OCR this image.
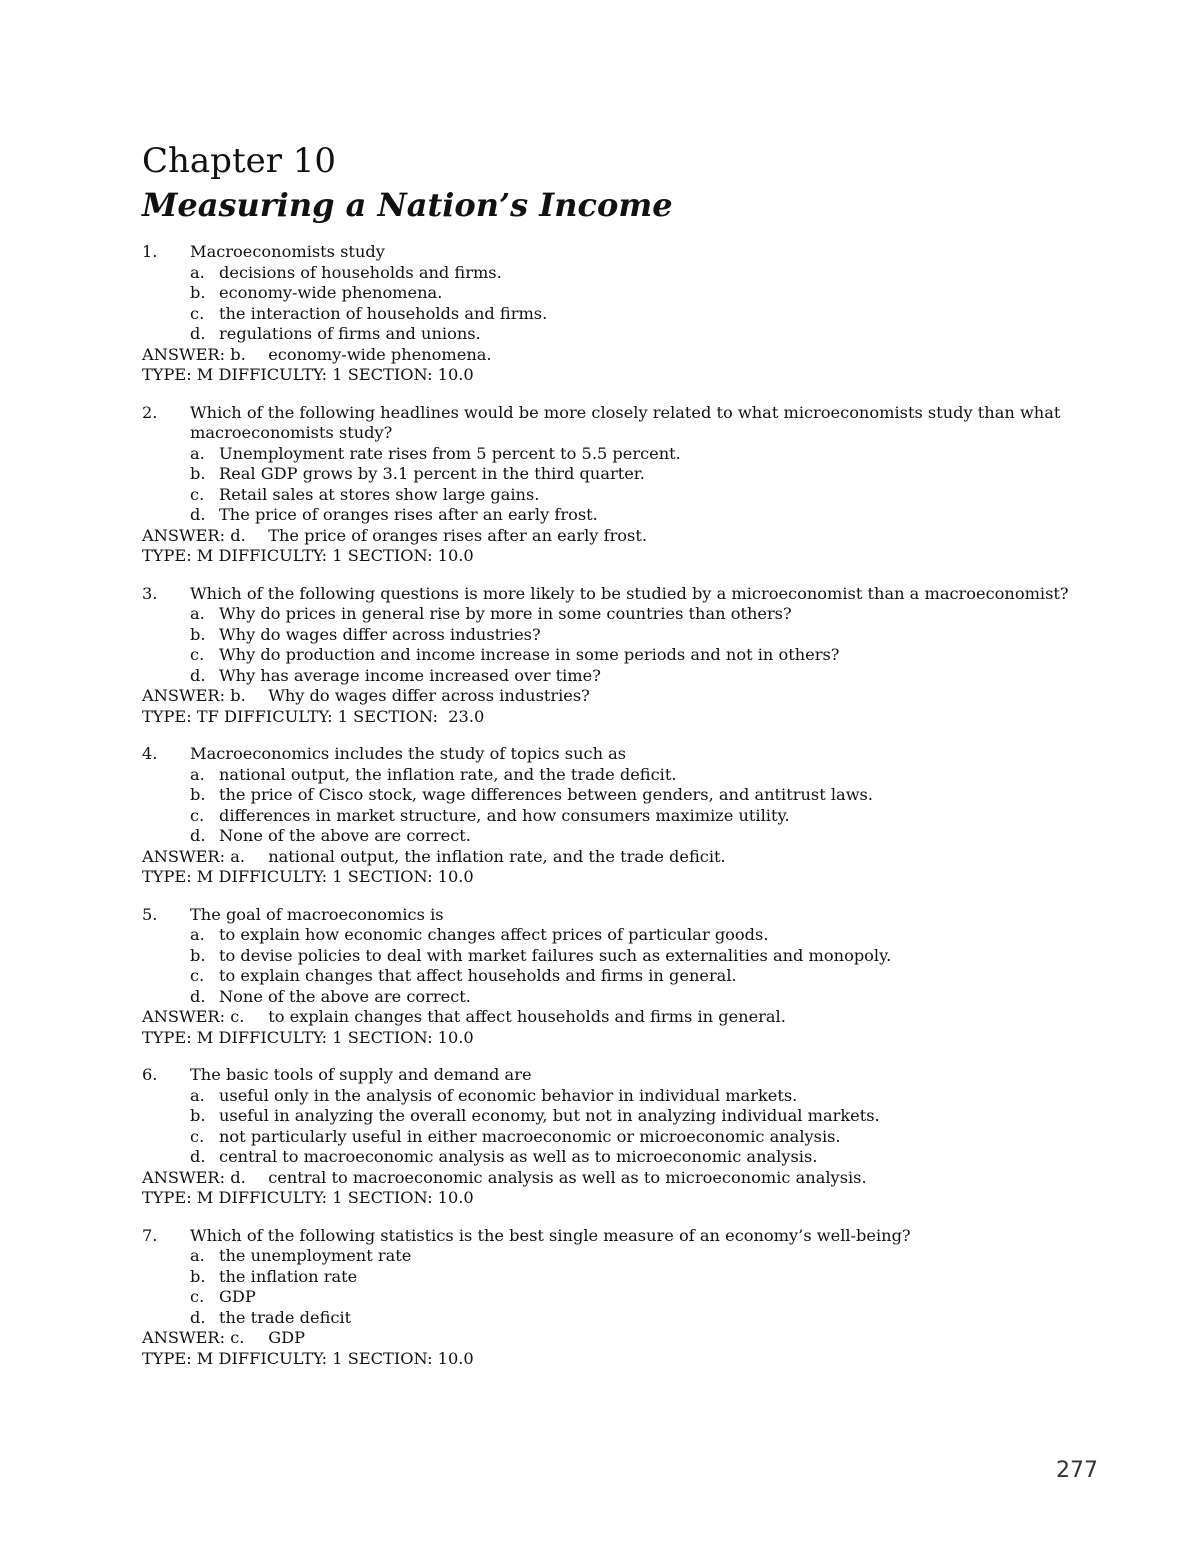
Chapter 10
Measuring a Nation’s Income
1.	Macroeconomists study
a. decisions of households and firms.
b. economy-wide phenomena.
c. the interaction of households and firms.
d. regulations of firms and unions.
ANSWER: b. economy-wide phenomena.
TYPE: M DIFFICULTY: 1 SECTION: 10.0
2.	Which of the following headlines would be more closely related to what microeconomists study than what macroeconomists study?
a. Unemployment rate rises from 5 percent to 5.5 percent.
b. Real GDP grows by 3.1 percent in the third quarter.
c. Retail sales at stores show large gains.
d. The price of oranges rises after an early frost.
ANSWER: d. The price of oranges rises after an early frost.
TYPE: M DIFFICULTY: 1 SECTION: 10.0
3.	Which of the following questions is more likely to be studied by a microeconomist than a macroeconomist?
a. Why do prices in general rise by more in some countries than others?
b. Why do wages differ across industries?
c. Why do production and income increase in some periods and not in others?
d. Why has average income increased over time?
ANSWER: b. Why do wages differ across industries?
TYPE: TF DIFFICULTY: 1 SECTION:  23.0
4.	Macroeconomics includes the study of topics such as
a. national output, the inflation rate, and the trade deficit.
b. the price of Cisco stock, wage differences between genders, and antitrust laws.
c. differences in market structure, and how consumers maximize utility.
d. None of the above are correct.
ANSWER: a. national output, the inflation rate, and the trade deficit.
TYPE: M DIFFICULTY: 1 SECTION: 10.0
5.	The goal of macroeconomics is
a. to explain how economic changes affect prices of particular goods.
b. to devise policies to deal with market failures such as externalities and monopoly.
c. to explain changes that affect households and firms in general.
d. None of the above are correct.
ANSWER: c. to explain changes that affect households and firms in general.
TYPE: M DIFFICULTY: 1 SECTION: 10.0
6.	The basic tools of supply and demand are
a. useful only in the analysis of economic behavior in individual markets.
b. useful in analyzing the overall economy, but not in analyzing individual markets.
c. not particularly useful in either macroeconomic or microeconomic analysis.
d. central to macroeconomic analysis as well as to microeconomic analysis.
ANSWER: d. central to macroeconomic analysis as well as to microeconomic analysis.
TYPE: M DIFFICULTY: 1 SECTION: 10.0
7.	Which of the following statistics is the best single measure of an economy’s well-being?
a. the unemployment rate
b. the inflation rate
c. GDP
d. the trade deficit
ANSWER: c. GDP
TYPE: M DIFFICULTY: 1 SECTION: 10.0
277
